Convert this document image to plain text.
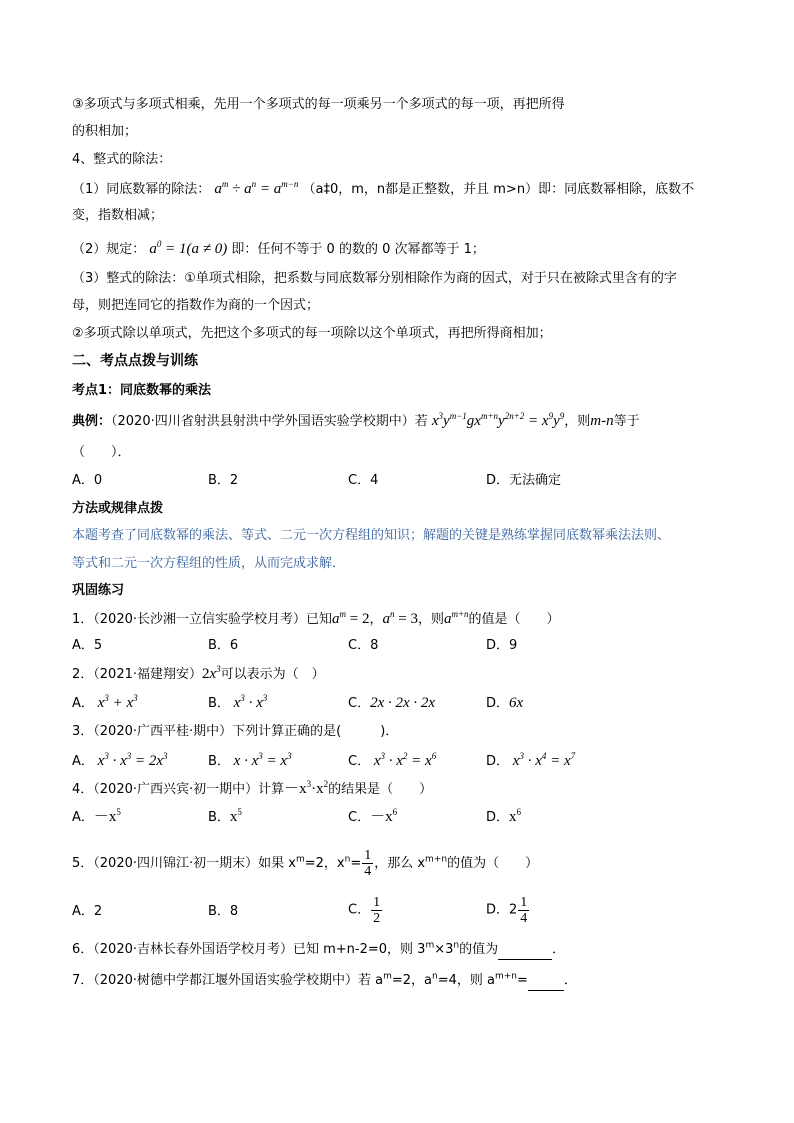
③多项式与多项式相乘，先用一个多项式的每一项乘另一个多项式的每一项，再把所得
的积相加；
4、整式的除法：
（1）同底数幂的除法： $a^m \div a^n = a^{m-n}$ （a‡0，m，n都是正整数，并且 m>n）即：同底数幂相除，底数不
变，指数相减；
（2）规定： $a^0 = 1(a \ne 0)$ 即：任何不等于 0 的数的 0 次幂都等于 1；
（3）整式的除法：①单项式相除，把系数与同底数幂分别相除作为商的因式，对于只在被除式里含有的字
母，则把连同它的指数作为商的一个因式；
②多项式除以单项式，先把这个多项式的每一项除以这个单项式，再把所得商相加；
二、考点点拨与训练
考点1：同底数幂的乘法
典例：（2020·四川省射洪县射洪中学外国语实验学校期中）若 $x^3y^{m-1}gx^{m+n}y^{2n+2} = x^9y^9$，则m-n等于
（　　）．
A．0	B．2	C．4	D．无法确定
方法或规律点拨
本题考查了同底数幂的乘法、等式、二元一次方程组的知识；解题的关键是熟练掌握同底数幂乘法法则、
等式和二元一次方程组的性质，从而完成求解．
巩固练习
1．（2020·长沙湘一立信实验学校月考）已知$a^m = 2$，$a^n = 3$，则$a^{m+n}$的值是（　　）
A．5	B．6	C．8	D．9
2．（2021·福建翔安）$2x^3$可以表示为（　）
A． $x^3 + x^3$	B． $x^3 \cdot x^3$	C．2x · 2x · 2x	D．6x
3．（2020·广西平桂·期中）下列计算正确的是(　　　)．
A． $x^3 \cdot x^3 = 2x^3$	B． $x \cdot x^3 = x^3$	C． $x^3 \cdot x^2 = x^6$	D． $x^3 \cdot x^4 = x^7$
4．（2020·广西兴宾·初一期中）计算$-x^3\cdot x^2$的结果是（　　）
A．$-x^5$	B．$x^5$	C．$-x^6$	D．$x^6$
5．（2020·四川锦江·初一期末）如果 $x^m=2$，$x^n= \frac{1}{4}$ ，那么 $x^{m+n}$的值为（　　）
A．2	B．8	C． $\frac{1}{2}$	D．$2 \frac{1}{4}$
6．（2020·吉林长春外国语学校月考）已知 m+n-2=0，则 $3^m\times 3^n$的值为	．
7．（2020·树德中学都江堰外国语实验学校期中）若 $a^m=2$，$a^n=4$，则 $a^{m+n}=$	．
